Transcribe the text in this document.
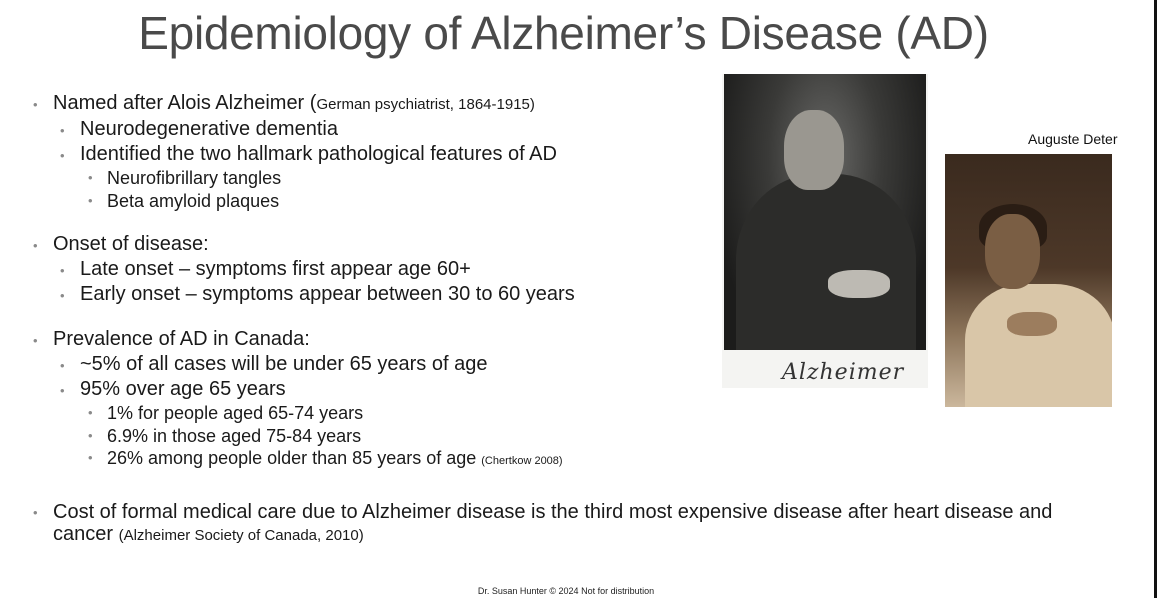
Epidemiology of Alzheimer’s Disease (AD)
• Named after Alois Alzheimer (German psychiatrist, 1864-1915)
• Neurodegenerative dementia
• Identified the two hallmark pathological features of AD
• Neurofibrillary tangles
• Beta amyloid plaques
• Onset of disease:
• Late onset – symptoms first appear age 60+
• Early onset – symptoms appear between 30 to 60 years
• Prevalence of AD in Canada:
• ~5% of all cases will be under 65 years of age
• 95% over age 65 years
• 1% for people aged 65-74 years
• 6.9% in those aged 75-84 years
• 26% among people older than 85 years of age (Chertkow 2008)
• Cost of formal medical care due to Alzheimer disease is the third most expensive disease after heart disease and cancer (Alzheimer Society of Canada, 2010)
Alzheimer
Auguste Deter
Dr. Susan Hunter © 2024 Not for distribution
